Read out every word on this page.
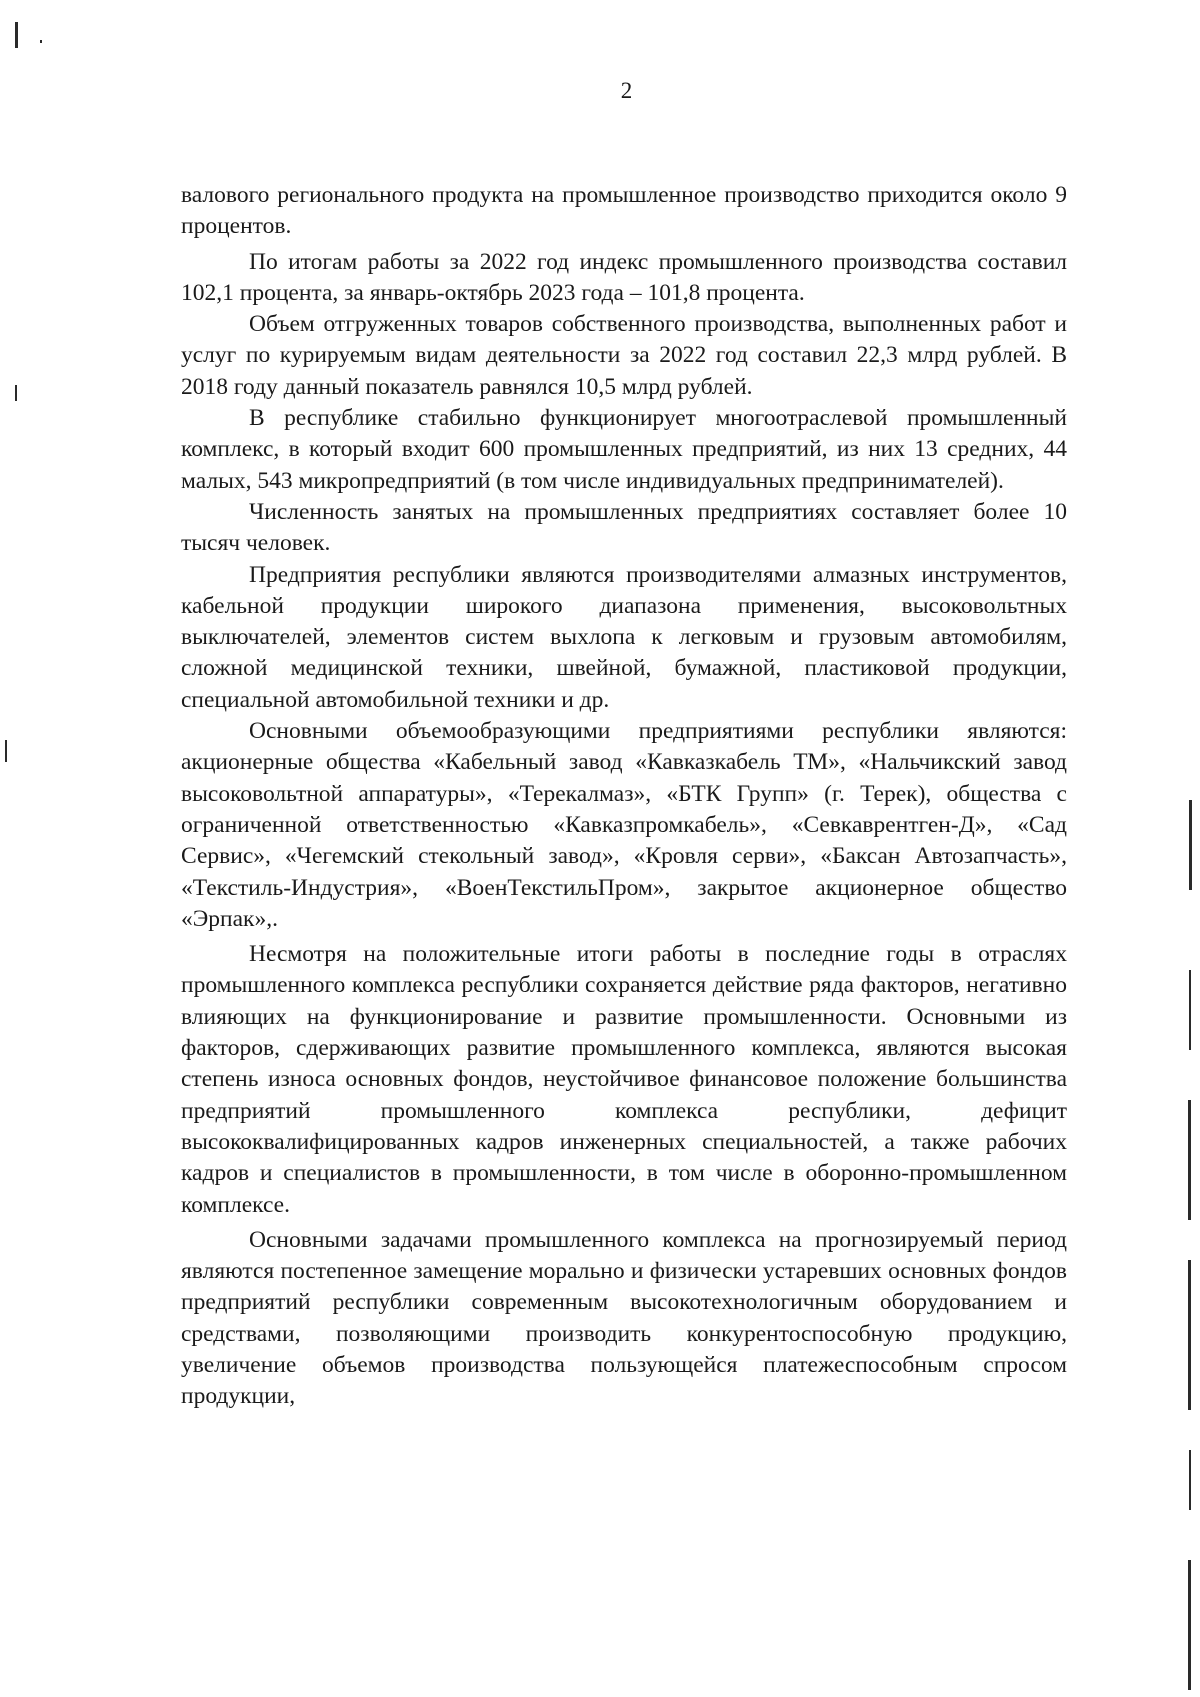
2

валового регионального продукта на промышленное производство приходится около 9 процентов.

По итогам работы за 2022 год индекс промышленного производства составил 102,1 процента, за январь-октябрь 2023 года – 101,8 процента.

Объем отгруженных товаров собственного производства, выполненных работ и услуг по курируемым видам деятельности за 2022 год составил 22,3 млрд рублей. В 2018 году данный показатель равнялся 10,5 млрд рублей.

В республике стабильно функционирует многоотраслевой промышленный комплекс, в который входит 600 промышленных предприятий, из них 13 средних, 44 малых, 543 микропредприятий (в том числе индивидуальных предпринимателей).

Численность занятых на промышленных предприятиях составляет более 10 тысяч человек.

Предприятия республики являются производителями алмазных инструментов, кабельной продукции широкого диапазона применения, высоковольтных выключателей, элементов систем выхлопа к легковым и грузовым автомобилям, сложной медицинской техники, швейной, бумажной, пластиковой продукции, специальной автомобильной техники и др.

Основными объемообразующими предприятиями республики являются: акционерные общества «Кабельный завод «Кавказкабель ТМ», «Нальчикский завод высоковольтной аппаратуры», «Терекалмаз», «БТК Групп» (г. Терек), общества с ограниченной ответственностью «Кавказпромкабель», «Севкаврентген-Д», «Сад Сервис», «Чегемский стекольный завод», «Кровля серви», «Баксан Автозапчасть», «Текстиль-Индустрия», «ВоенТекстильПром», закрытое акционерное общество «Эрпак»,.

Несмотря на положительные итоги работы в последние годы в отраслях промышленного комплекса республики сохраняется действие ряда факторов, негативно влияющих на функционирование и развитие промышленности. Основными из факторов, сдерживающих развитие промышленного комплекса, являются высокая степень износа основных фондов, неустойчивое финансовое положение большинства предприятий промышленного комплекса республики, дефицит высококвалифицированных кадров инженерных специальностей, а также рабочих кадров и специалистов в промышленности, в том числе в оборонно-промышленном комплексе.

Основными задачами промышленного комплекса на прогнозируемый период являются постепенное замещение морально и физически устаревших основных фондов предприятий республики современным высокотехнологичным оборудованием и средствами, позволяющими производить конкурентоспособную продукцию, увеличение объемов производства пользующейся платежеспособным спросом продукции,
